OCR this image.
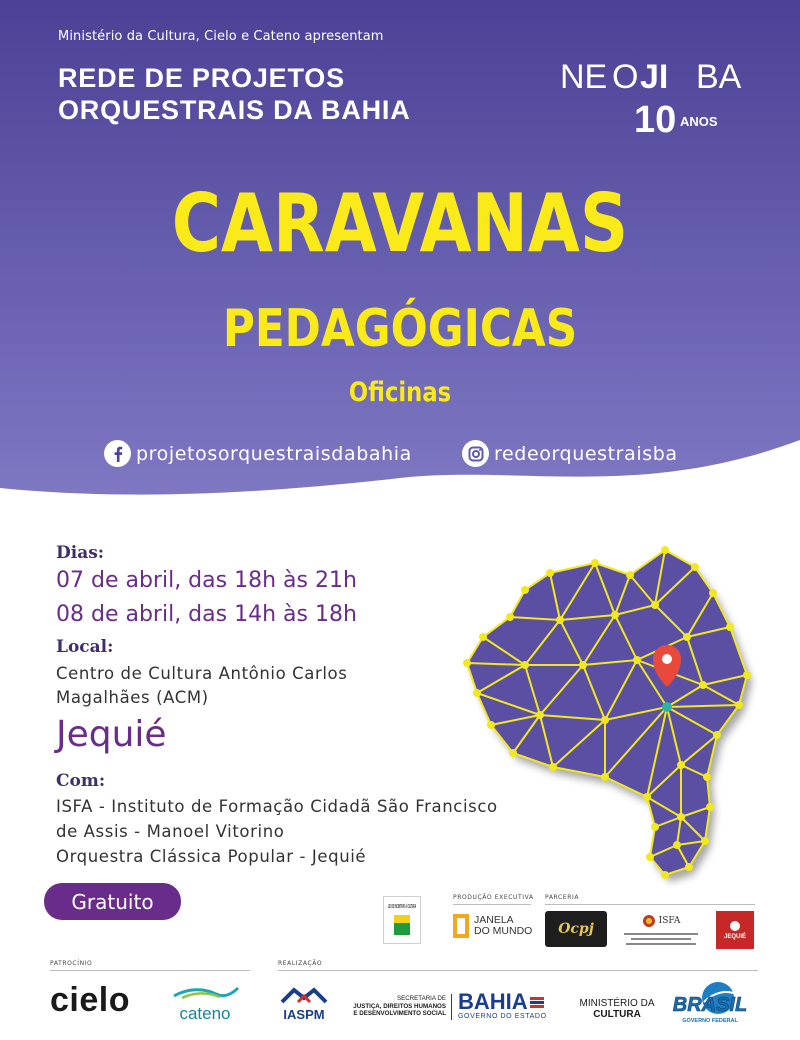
Ministério da Cultura, Cielo e Cateno apresentam

REDE DE PROJETOS
ORQUESTRAIS DA BAHIA
NE O JI BA
10 ANOS
CARAVANAS
PEDAGÓGICAS
Oficinas
projetosorquestraisdabahia	redeorquestraisba
Dias:
07 de abril, das 18h às 21h
08 de abril, das 14h às 18h
Local:
Centro de Cultura Antônio Carlos
Magalhães (ACM)
Jequié
Com:
ISFA - Instituto de Formação Cidadã São Francisco
de Assis - Manoel Vitorino
Orquestra Clássica Popular - Jequié
Gratuito	LEI DE INCENTIVO À CULTURA
PRODUÇÃO EXECUTIVA
JANELA
DO MUNDO
PARCERIA
Ocpj
ISFA
JEQUIÉ
PATROCÍNIO	REALIZAÇÃO
cielo	cateno	IASPM
SECRETARIA DE
JUSTIÇA, DIREITOS HUMANOS
E DESENVOLVIMENTO SOCIAL BAHIA
GOVERNO DO ESTADO
MINISTÉRIO DA
CULTURA	BRASIL
GOVERNO FEDERAL
